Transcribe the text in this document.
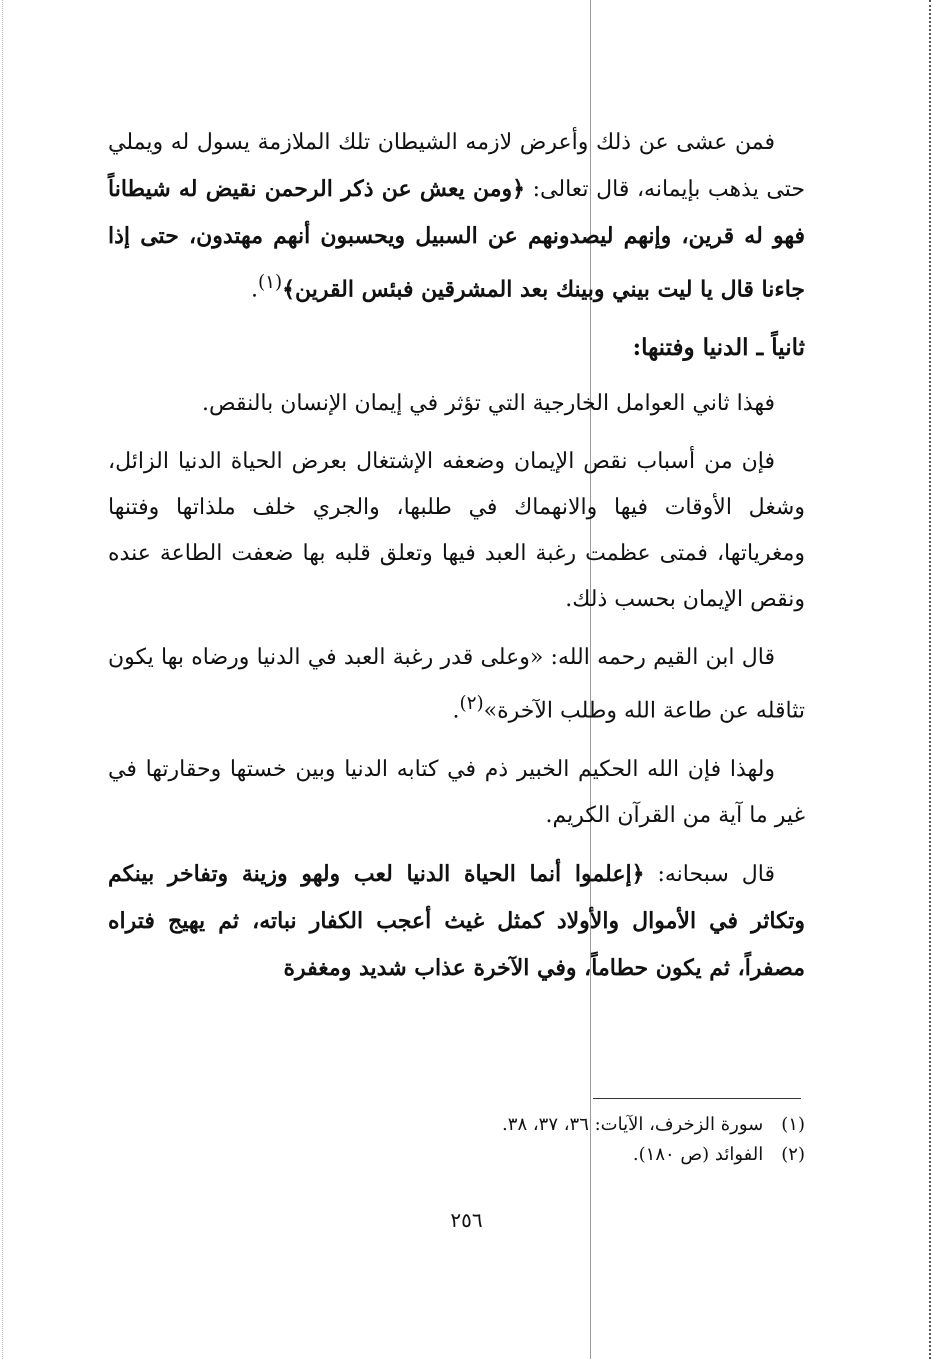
فمن عشى عن ذلك وأعرض لازمه الشيطان تلك الملازمة يسول له ويملي حتى يذهب بإيمانه، قال تعالى: ﴿ومن يعش عن ذكر الرحمن نقيض له شيطاناً فهو له قرين، وإنهم ليصدونهم عن السبيل ويحسبون أنهم مهتدون، حتى إذا جاءنا قال يا ليت بيني وبينك بعد المشرقين فبئس القرين﴾$^{(١)}$.

ثانياً ـ الدنيا وفتنها:

فهذا ثاني العوامل الخارجية التي تؤثر في إيمان الإنسان بالنقص.

فإن من أسباب نقص الإيمان وضعفه الإشتغال بعرض الحياة الدنيا الزائل، وشغل الأوقات فيها والانهماك في طلبها، والجري خلف ملذاتها وفتنها ومغرياتها، فمتى عظمت رغبة العبد فيها وتعلق قلبه بها ضعفت الطاعة عنده ونقص الإيمان بحسب ذلك.

قال ابن القيم رحمه الله: «وعلى قدر رغبة العبد في الدنيا ورضاه بها يكون تثاقله عن طاعة الله وطلب الآخرة»$^{(٢)}$.

ولهذا فإن الله الحكيم الخبير ذم في كتابه الدنيا وبين خستها وحقارتها في غير ما آية من القرآن الكريم.

قال سبحانه: ﴿إعلموا أنما الحياة الدنيا لعب ولهو وزينة وتفاخر بينكم وتكاثر في الأموال والأولاد كمثل غيث أعجب الكفار نباته، ثم يهيج فتراه مصفراً، ثم يكون حطاماً، وفي الآخرة عذاب شديد ومغفرة

(١) سورة الزخرف، الآيات: ٣٦، ٣٧، ٣٨.
(٢) الفوائد (ص ١٨٠).
٢٥٦
